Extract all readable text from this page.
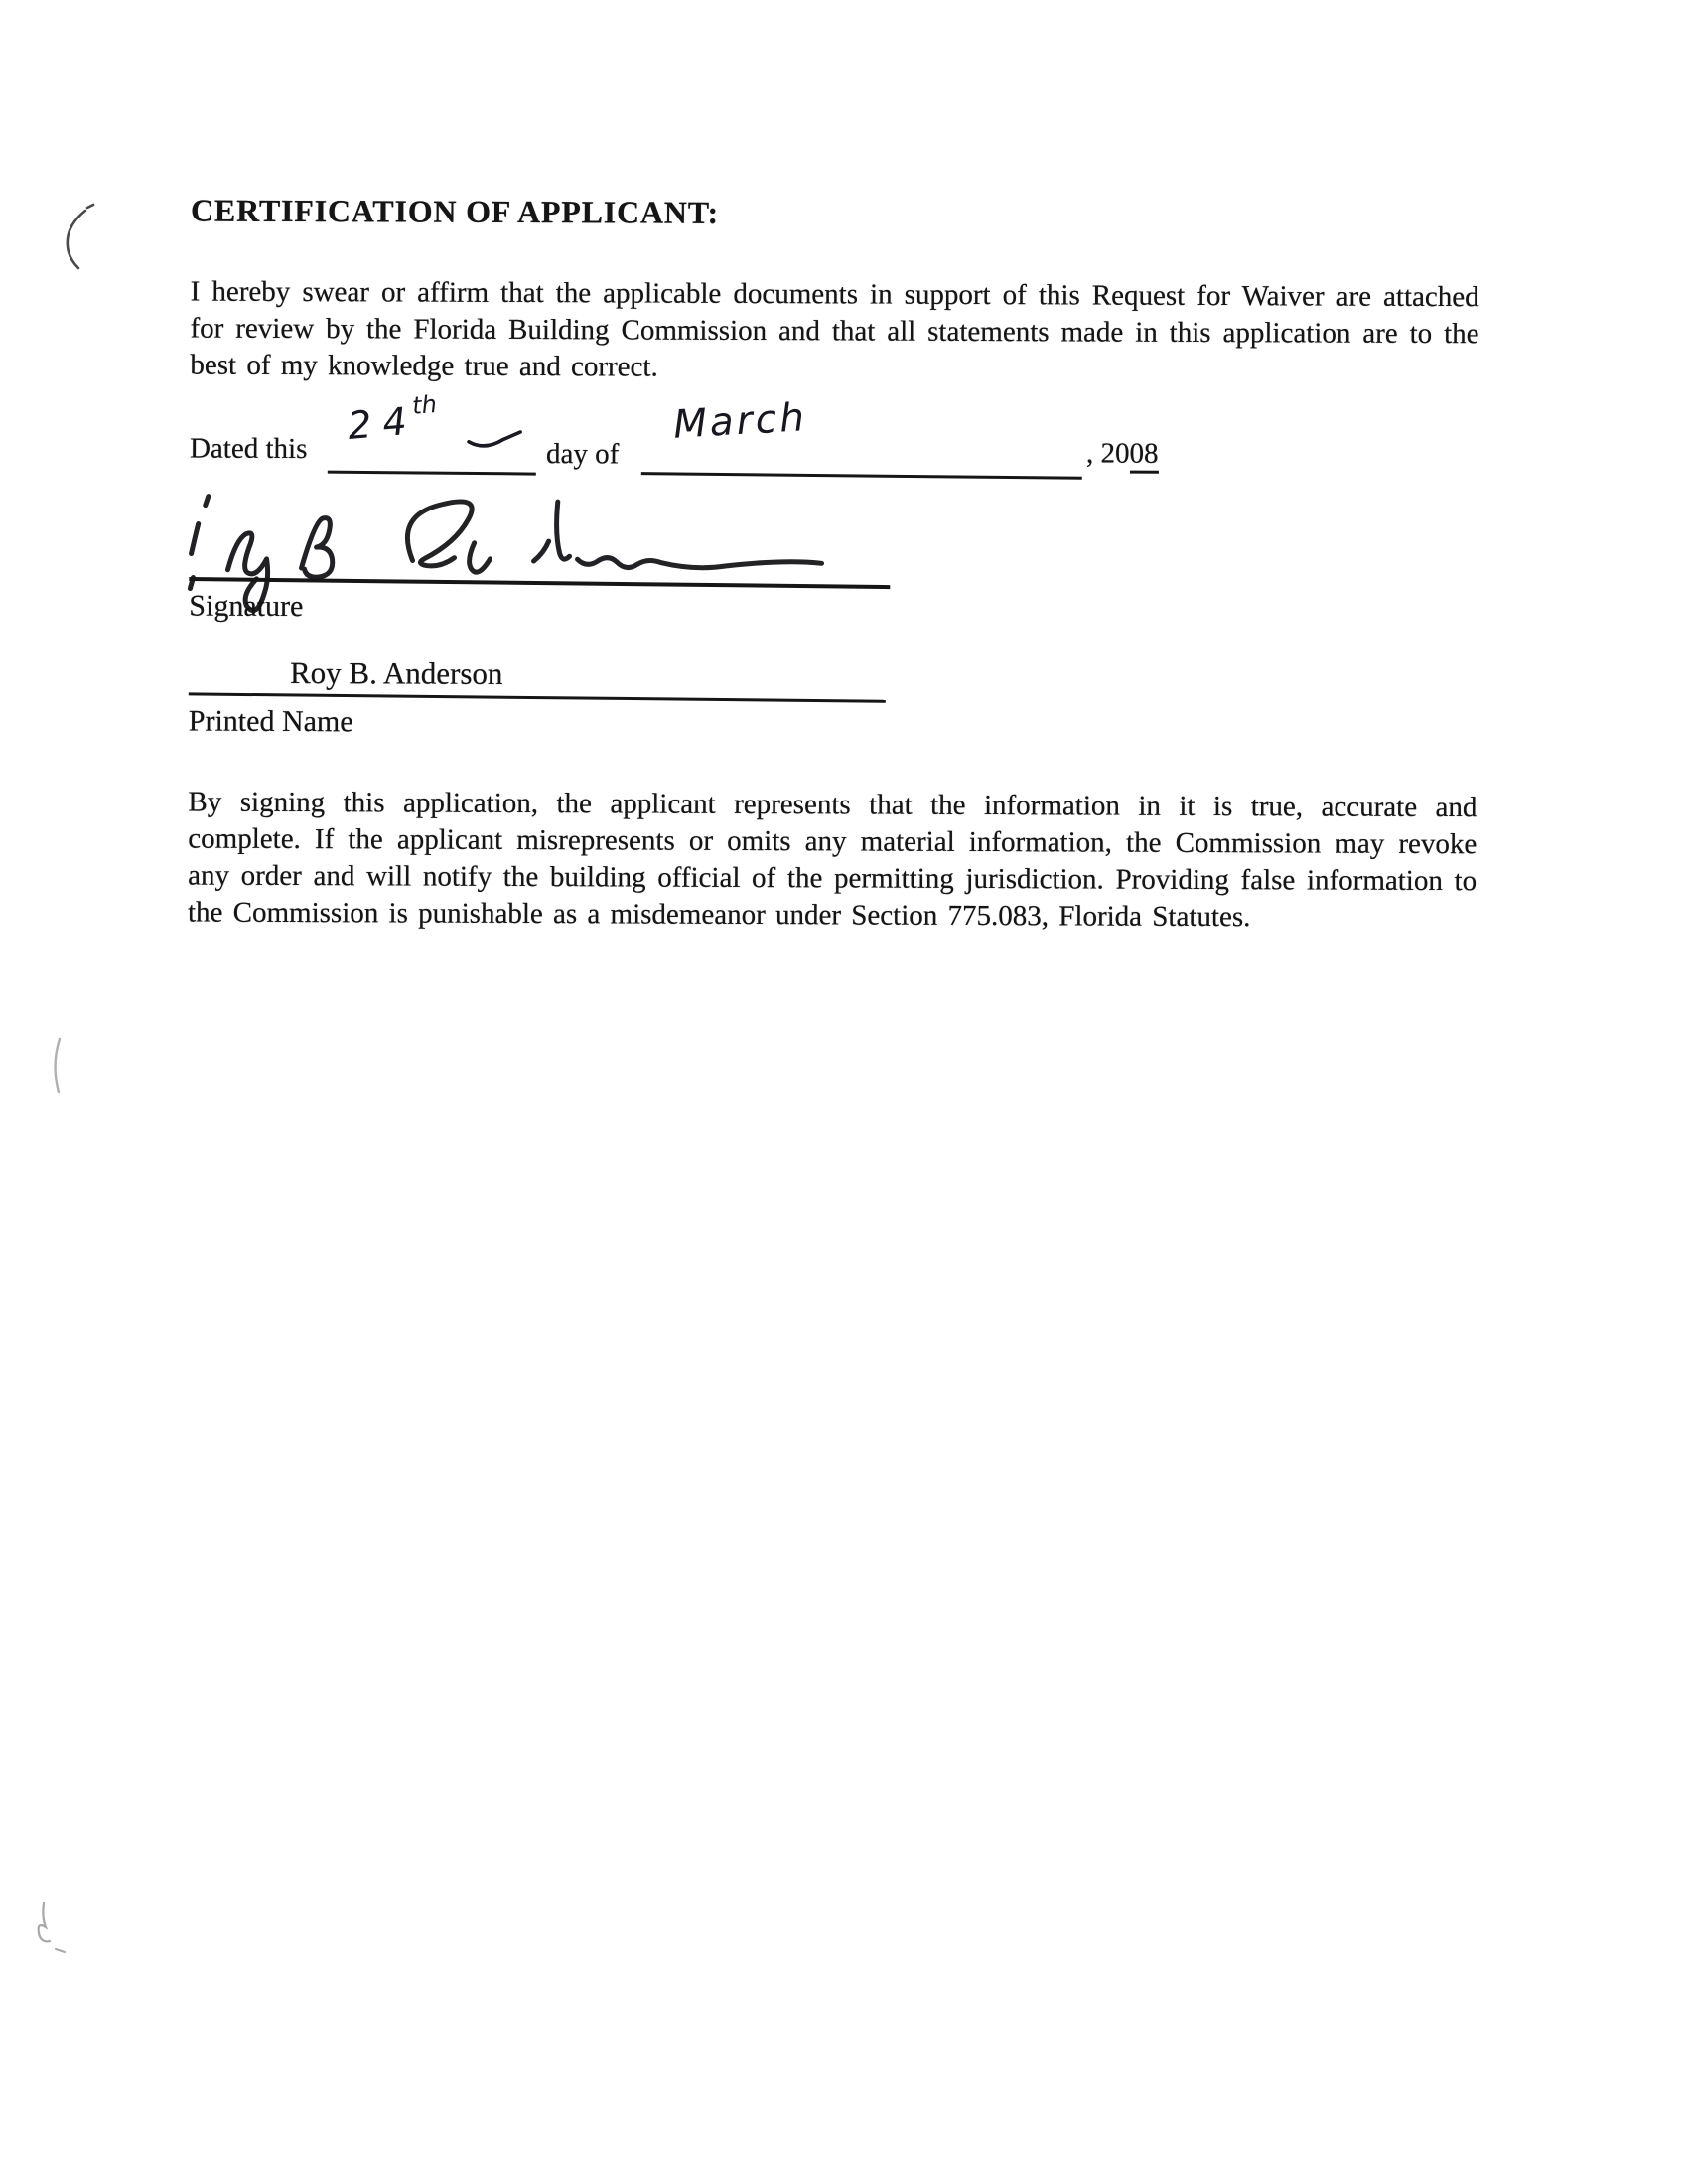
CERTIFICATION OF APPLICANT:
I hereby swear or affirm that the applicable documents in support of this Request for Waiver are attached for review by the Florida Building Commission and that all statements made in this application are to the best of my knowledge true and correct.
Dated this
24th
day of
March
, 2008
Signature
Roy B. Anderson
Printed Name
By signing this application, the applicant represents that the information in it is true, accurate and complete. If the applicant misrepresents or omits any material information, the Commission may revoke any order and will notify the building official of the permitting jurisdiction. Providing false information to the Commission is punishable as a misdemeanor under Section 775.083, Florida Statutes.
